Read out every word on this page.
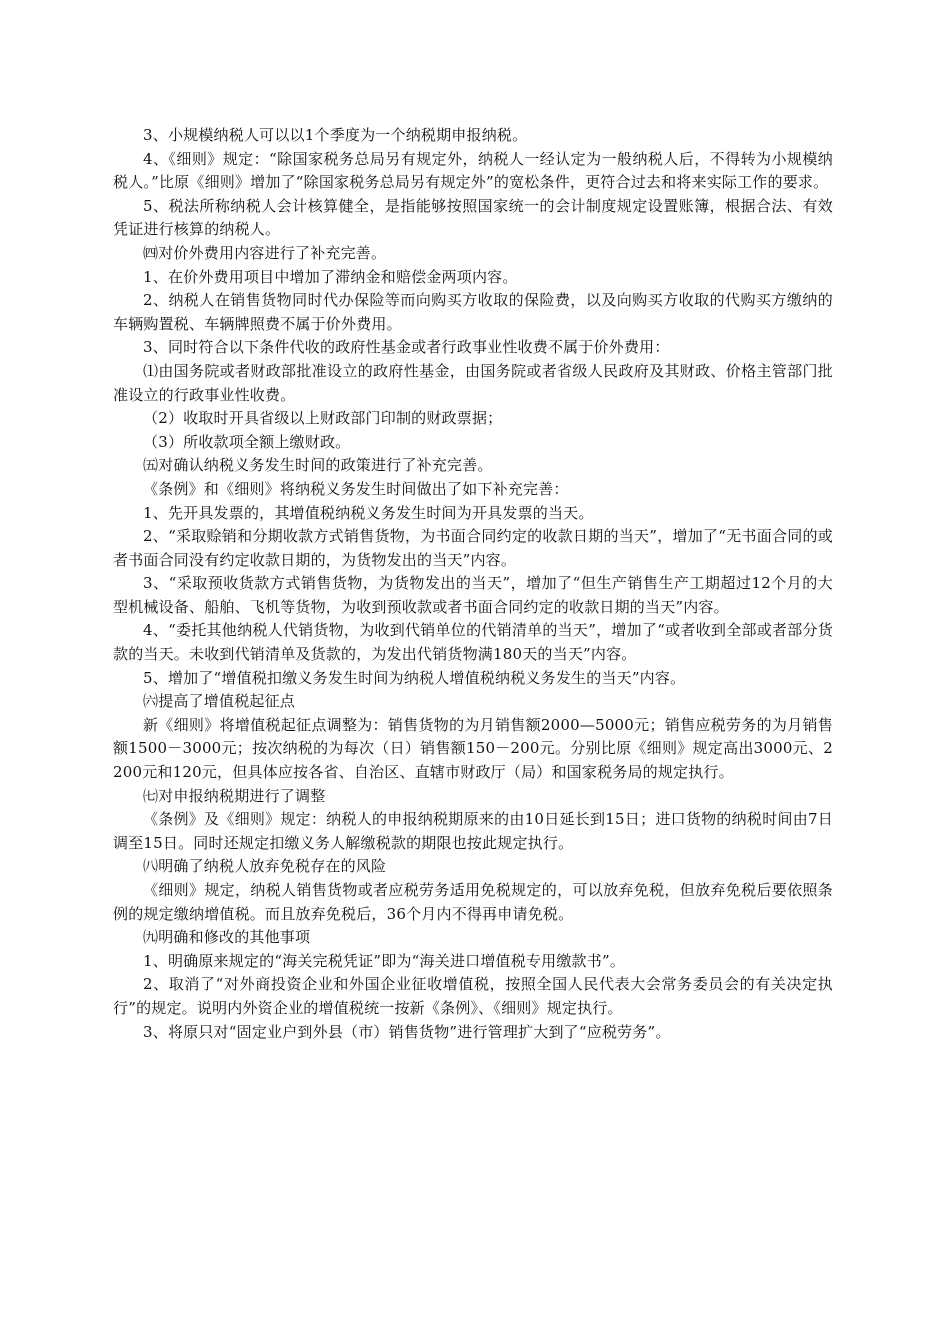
3、小规模纳税人可以以1个季度为一个纳税期申报纳税。

4、《细则》规定：“除国家税务总局另有规定外，纳税人一经认定为一般纳税人后，不得转为小规模纳税人。”比原《细则》增加了“除国家税务总局另有规定外”的宽松条件，更符合过去和将来实际工作的要求。

5、税法所称纳税人会计核算健全，是指能够按照国家统一的会计制度规定设置账簿，根据合法、有效凭证进行核算的纳税人。

㈣对价外费用内容进行了补充完善。

1、在价外费用项目中增加了滞纳金和赔偿金两项内容。

2、纳税人在销售货物同时代办保险等而向购买方收取的保险费，以及向购买方收取的代购买方缴纳的车辆购置税、车辆牌照费不属于价外费用。

3、同时符合以下条件代收的政府性基金或者行政事业性收费不属于价外费用：

⑴由国务院或者财政部批准设立的政府性基金，由国务院或者省级人民政府及其财政、价格主管部门批准设立的行政事业性收费。

（2）收取时开具省级以上财政部门印制的财政票据；

（3）所收款项全额上缴财政。

㈤对确认纳税义务发生时间的政策进行了补充完善。

《条例》和《细则》将纳税义务发生时间做出了如下补充完善：

1、先开具发票的，其增值税纳税义务发生时间为开具发票的当天。

2、“采取赊销和分期收款方式销售货物，为书面合同约定的收款日期的当天”，增加了“无书面合同的或者书面合同没有约定收款日期的，为货物发出的当天”内容。

3、“采取预收货款方式销售货物，为货物发出的当天”，增加了“但生产销售生产工期超过12个月的大型机械设备、船舶、飞机等货物，为收到预收款或者书面合同约定的收款日期的当天”内容。

4、“委托其他纳税人代销货物，为收到代销单位的代销清单的当天”，增加了“或者收到全部或者部分货款的当天。未收到代销清单及货款的，为发出代销货物满180天的当天”内容。

5、增加了“增值税扣缴义务发生时间为纳税人增值税纳税义务发生的当天”内容。

㈥提高了增值税起征点

新《细则》将增值税起征点调整为：销售货物的为月销售额2000—5000元；销售应税劳务的为月销售额1500－3000元；按次纳税的为每次（日）销售额150－200元。分别比原《细则》规定高出3000元、2200元和120元，但具体应按各省、自治区、直辖市财政厅（局）和国家税务局的规定执行。

㈦对申报纳税期进行了调整

《条例》及《细则》规定：纳税人的申报纳税期原来的由10日延长到15日；进口货物的纳税时间由7日调至15日。同时还规定扣缴义务人解缴税款的期限也按此规定执行。

㈧明确了纳税人放弃免税存在的风险

《细则》规定，纳税人销售货物或者应税劳务适用免税规定的，可以放弃免税，但放弃免税后要依照条例的规定缴纳增值税。而且放弃免税后，36个月内不得再申请免税。

㈨明确和修改的其他事项

1、明确原来规定的“海关完税凭证”即为“海关进口增值税专用缴款书”。

2、取消了“对外商投资企业和外国企业征收增值税，按照全国人民代表大会常务委员会的有关决定执行”的规定。说明内外资企业的增值税统一按新《条例》、《细则》规定执行。

3、将原只对“固定业户到外县（市）销售货物”进行管理扩大到了“应税劳务”。
